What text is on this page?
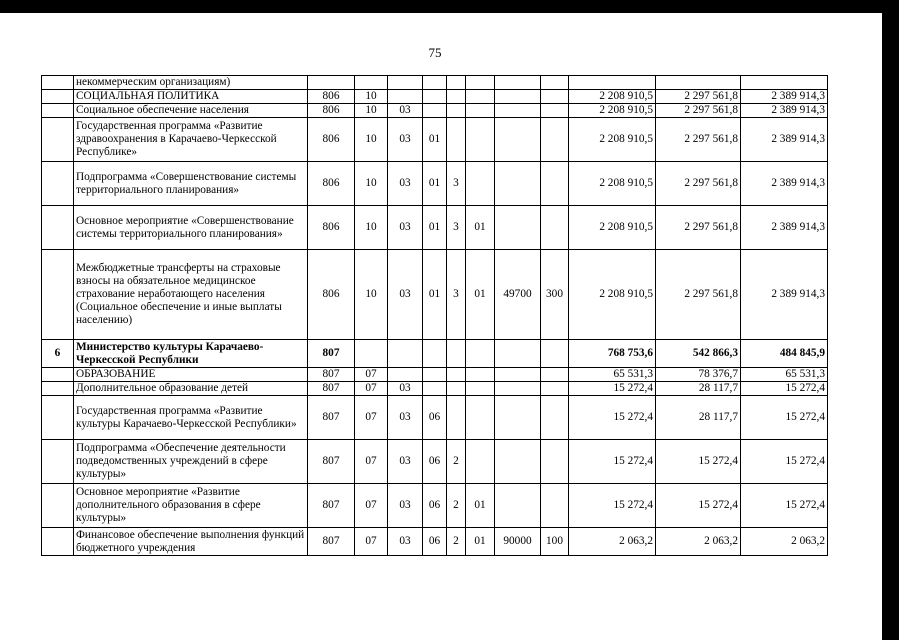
75
	некоммерческим организациям)											
	СОЦИАЛЬНАЯ ПОЛИТИКА	806	10							2 208 910,5	2 297 561,8	2 389 914,3
	Социальное обеспечение населения	806	10	03						2 208 910,5	2 297 561,8	2 389 914,3
	Государственная программа «Развитие здравоохранения в Карачаево-Черкесской Республике»	806	10	03	01					2 208 910,5	2 297 561,8	2 389 914,3
	Подпрограмма «Совершенствование системы территориального планирования»	806	10	03	01	3				2 208 910,5	2 297 561,8	2 389 914,3
	Основное мероприятие «Совершенствование системы территориального планирования»	806	10	03	01	3	01			2 208 910,5	2 297 561,8	2 389 914,3
	Межбюджетные трансферты на страховые взносы на обязательное медицинское страхование неработающего населения (Социальное обеспечение и иные выплаты населению)	806	10	03	01	3	01	49700	300	2 208 910,5	2 297 561,8	2 389 914,3
6	Министерство культуры Карачаево-Черкесской Республики	807								768 753,6	542 866,3	484 845,9
	ОБРАЗОВАНИЕ	807	07							65 531,3	78 376,7	65 531,3
	Дополнительное образование детей	807	07	03						15 272,4	28 117,7	15 272,4
	Государственная программа «Развитие культуры Карачаево-Черкесской Республики»	807	07	03	06					15 272,4	28 117,7	15 272,4
	Подпрограмма «Обеспечение деятельности подведомственных учреждений в сфере культуры»	807	07	03	06	2				15 272,4	15 272,4	15 272,4
	Основное мероприятие «Развитие дополнительного образования в сфере культуры»	807	07	03	06	2	01			15 272,4	15 272,4	15 272,4
	Финансовое обеспечение выполнения функций бюджетного учреждения	807	07	03	06	2	01	90000	100	2 063,2	2 063,2	2 063,2
